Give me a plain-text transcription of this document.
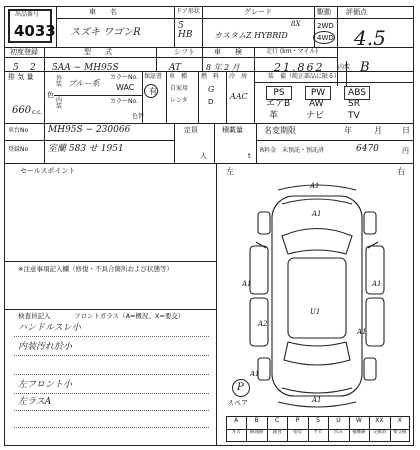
出品番号
4033
車　　名
スズキ ワゴンR
ドア形状
5 HB
グレード
8X
カスタムZ HYBRID
駆動
2WD
4WD
評価点
4.5
初度登録
5 2
型　　式
5AA − MH95S
シフト
AT
車　　検
8 年 2 月
走行 (km・マイル)
21,862 内装 B
排 気 量
660 c.c.
色
外装 ブルー系
カラーNo.
WAC
内装
カラーNo.
色替
保証書
有
車　種
自家用
レンタ
燃　料
G
D
冷　房
AAC
装　備（純正部品に限る）
PS	PW	ABS
エアB AW	SR
革	ナビ	TV
車台No MH95S − 230066
登録No 室蘭 583 せ 1951
定員
人
積載量
t
名変期限	年	月	日
R料金 未預託・預託済	6470	円
セールスポイント
※注意事項記入欄（修復・不具合箇所および状態等）
検査員記入	フロントガラス（A=概況、X=要交）
ハンドルスレ小
内装汚れ於小
左フロント小
左ラスA
左	右
A1
A1
A1	A1
U1
A2
A1
A1
A1
P
スペア
A
キズ
B
修理跡
C
腐食
P
塗装
S
サビ
U
凹み
W
補修跡
XX
交換済
X
要交換
